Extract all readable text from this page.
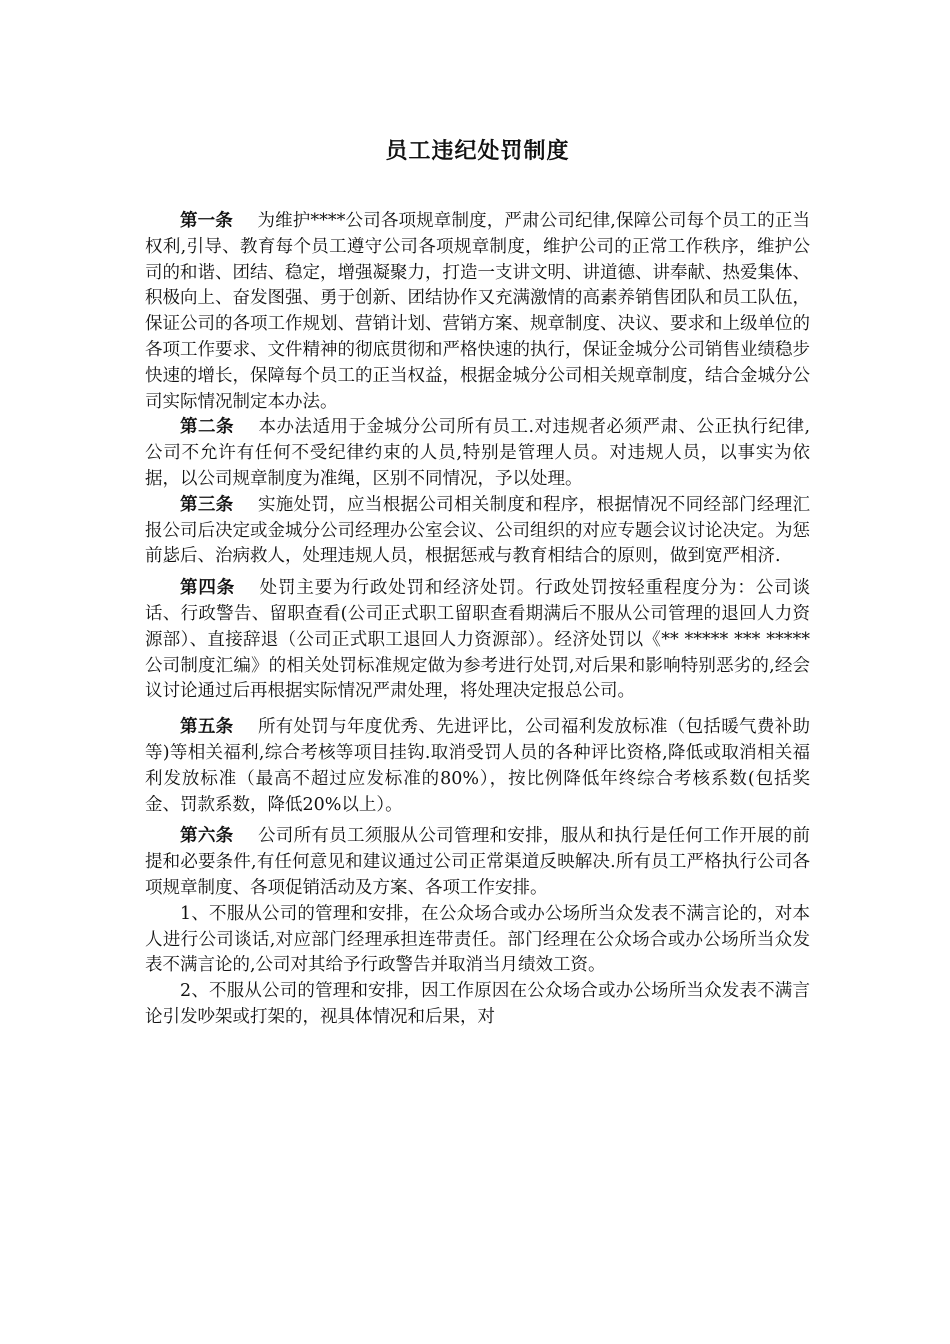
员工违纪处罚制度

第一条 为维护****公司各项规章制度，严肃公司纪律,保障公司每个员工的正当权利,引导、教育每个员工遵守公司各项规章制度，维护公司的正常工作秩序，维护公司的和谐、团结、稳定，增强凝聚力，打造一支讲文明、讲道德、讲奉献、热爱集体、积极向上、奋发图强、勇于创新、团结协作又充满激情的高素养销售团队和员工队伍，保证公司的各项工作规划、营销计划、营销方案、规章制度、决议、要求和上级单位的各项工作要求、文件精神的彻底贯彻和严格快速的执行，保证金城分公司销售业绩稳步快速的增长，保障每个员工的正当权益，根据金城分公司相关规章制度，结合金城分公司实际情况制定本办法。

第二条 本办法适用于金城分公司所有员工.对违规者必须严肃、公正执行纪律,公司不允许有任何不受纪律约束的人员,特别是管理人员。对违规人员，以事实为依据，以公司规章制度为准绳，区别不同情况，予以处理。

第三条 实施处罚，应当根据公司相关制度和程序，根据情况不同经部门经理汇报公司后决定或金城分公司经理办公室会议、公司组织的对应专题会议讨论决定。为惩前毖后、治病救人，处理违规人员，根据惩戒与教育相结合的原则，做到宽严相济.

第四条 处罚主要为行政处罚和经济处罚。行政处罚按轻重程度分为：公司谈话、行政警告、留职查看(公司正式职工留职查看期满后不服从公司管理的退回人力资源部）、直接辞退（公司正式职工退回人力资源部）。经济处罚以《** ***** *** *****公司制度汇编》的相关处罚标准规定做为参考进行处罚,对后果和影响特别恶劣的,经会议讨论通过后再根据实际情况严肃处理，将处理决定报总公司。

第五条 所有处罚与年度优秀、先进评比，公司福利发放标准（包括暖气费补助等)等相关福利,综合考核等项目挂钩.取消受罚人员的各种评比资格,降低或取消相关福利发放标准（最高不超过应发标准的80%），按比例降低年终综合考核系数(包括奖金、罚款系数，降低20%以上）。

第六条 公司所有员工须服从公司管理和安排，服从和执行是任何工作开展的前提和必要条件,有任何意见和建议通过公司正常渠道反映解决.所有员工严格执行公司各项规章制度、各项促销活动及方案、各项工作安排。

1、不服从公司的管理和安排，在公众场合或办公场所当众发表不满言论的，对本人进行公司谈话,对应部门经理承担连带责任。部门经理在公众场合或办公场所当众发表不满言论的,公司对其给予行政警告并取消当月绩效工资。

2、不服从公司的管理和安排，因工作原因在公众场合或办公场所当众发表不满言论引发吵架或打架的，视具体情况和后果，对
